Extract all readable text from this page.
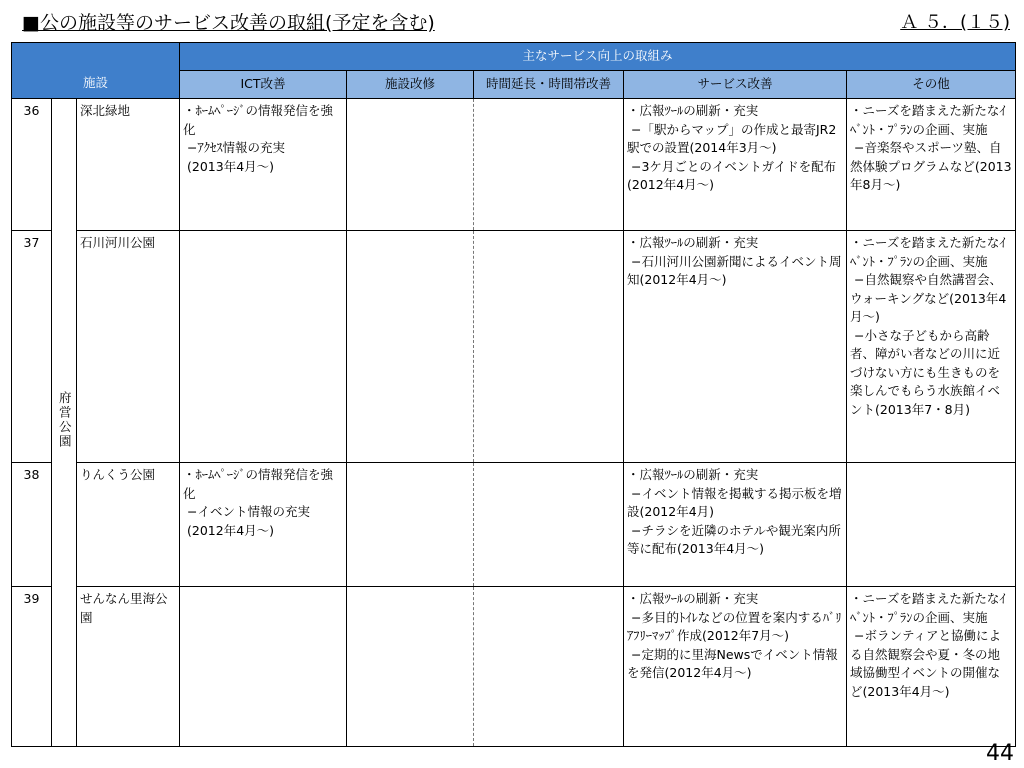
■公の施設等のサービス改善の取組(予定を含む)	Ａ ５．(１５)
施設			主なサービス向上の取組み				
			ICT改善	施設改修	時間延長・時間帯改善	サービス改善	その他
36	府営公園	深北緑地	・ﾎｰﾑﾍﾟｰｼﾞの情報発信を強化
−ｱｸｾｽ情報の充実
(2013年4月～)			・広報ﾂｰﾙの刷新・充実
−「駅からマップ」の作成と最寄JR2駅での設置(2014年3月～)
−3ケ月ごとのイベントガイドを配布(2012年4月～)	・ニーズを踏まえた新たなｲﾍﾞﾝﾄ・ﾌﾟﾗﾝの企画、実施
−音楽祭やスポーツ塾、自然体験プログラムなど(2013年8月～)
37		石川河川公園				・広報ﾂｰﾙの刷新・充実
−石川河川公園新聞によるイベント周知(2012年4月～)	・ニーズを踏まえた新たなｲﾍﾞﾝﾄ・ﾌﾟﾗﾝの企画、実施
−自然観察や自然講習会、ウォーキングなど(2013年4月～)
−小さな子どもから高齢者、障がい者などの川に近づけない方にも生きものを楽しんでもらう水族館イベント(2013年7・8月)
38		りんくう公園	・ﾎｰﾑﾍﾟｰｼﾞの情報発信を強化
−イベント情報の充実
(2012年4月～)			・広報ﾂｰﾙの刷新・充実
−イベント情報を掲載する掲示板を増設(2012年4月)
−チラシを近隣のホテルや観光案内所等に配布(2013年4月～)	
39		せんなん里海公園				・広報ﾂｰﾙの刷新・充実
−多目的ﾄｲﾚなどの位置を案内するﾊﾞﾘｱﾌﾘｰﾏｯﾌﾟ作成(2012年7月～)
−定期的に里海Newsでイベント情報を発信(2012年4月～)	・ニーズを踏まえた新たなｲﾍﾞﾝﾄ・ﾌﾟﾗﾝの企画、実施
−ボランティアと協働による自然観察会や夏・冬の地域協働型イベントの開催など(2013年4月～)
44
